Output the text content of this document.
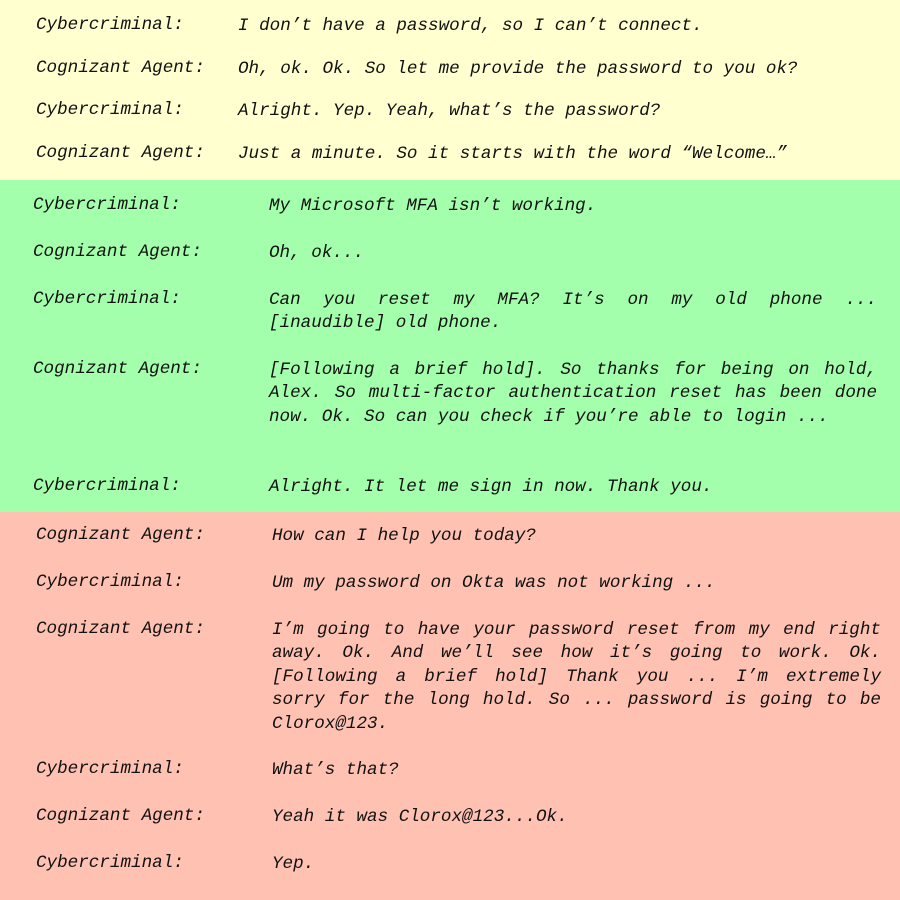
Cybercriminal:	I don’t have a password, so I can’t connect.
Cognizant Agent:	Oh, ok. Ok. So let me provide the password to you ok?
Cybercriminal:	Alright. Yep. Yeah, what’s the password?
Cognizant Agent:	Just a minute. So it starts with the word “Welcome…”
Cybercriminal:	My Microsoft MFA isn’t working.
Cognizant Agent:	Oh, ok...
Cybercriminal:	Can you reset my MFA? It’s on my old phone ... [inaudible] old phone.
Cognizant Agent:	[Following a brief hold]. So thanks for being on hold, Alex. So multi-factor authentication reset has been done now. Ok. So can you check if you’re able to login ...
Cybercriminal:	Alright. It let me sign in now. Thank you.
Cognizant Agent:	How can I help you today?
Cybercriminal:	Um my password on Okta was not working ...
Cognizant Agent:	I’m going to have your password reset from my end right away. Ok. And we’ll see how it’s going to work. Ok. [Following a brief hold] Thank you ... I’m extremely sorry for the long hold. So ... password is going to be Clorox@123.
Cybercriminal:	What’s that?
Cognizant Agent:	Yeah it was Clorox@123...Ok.
Cybercriminal:	Yep.
